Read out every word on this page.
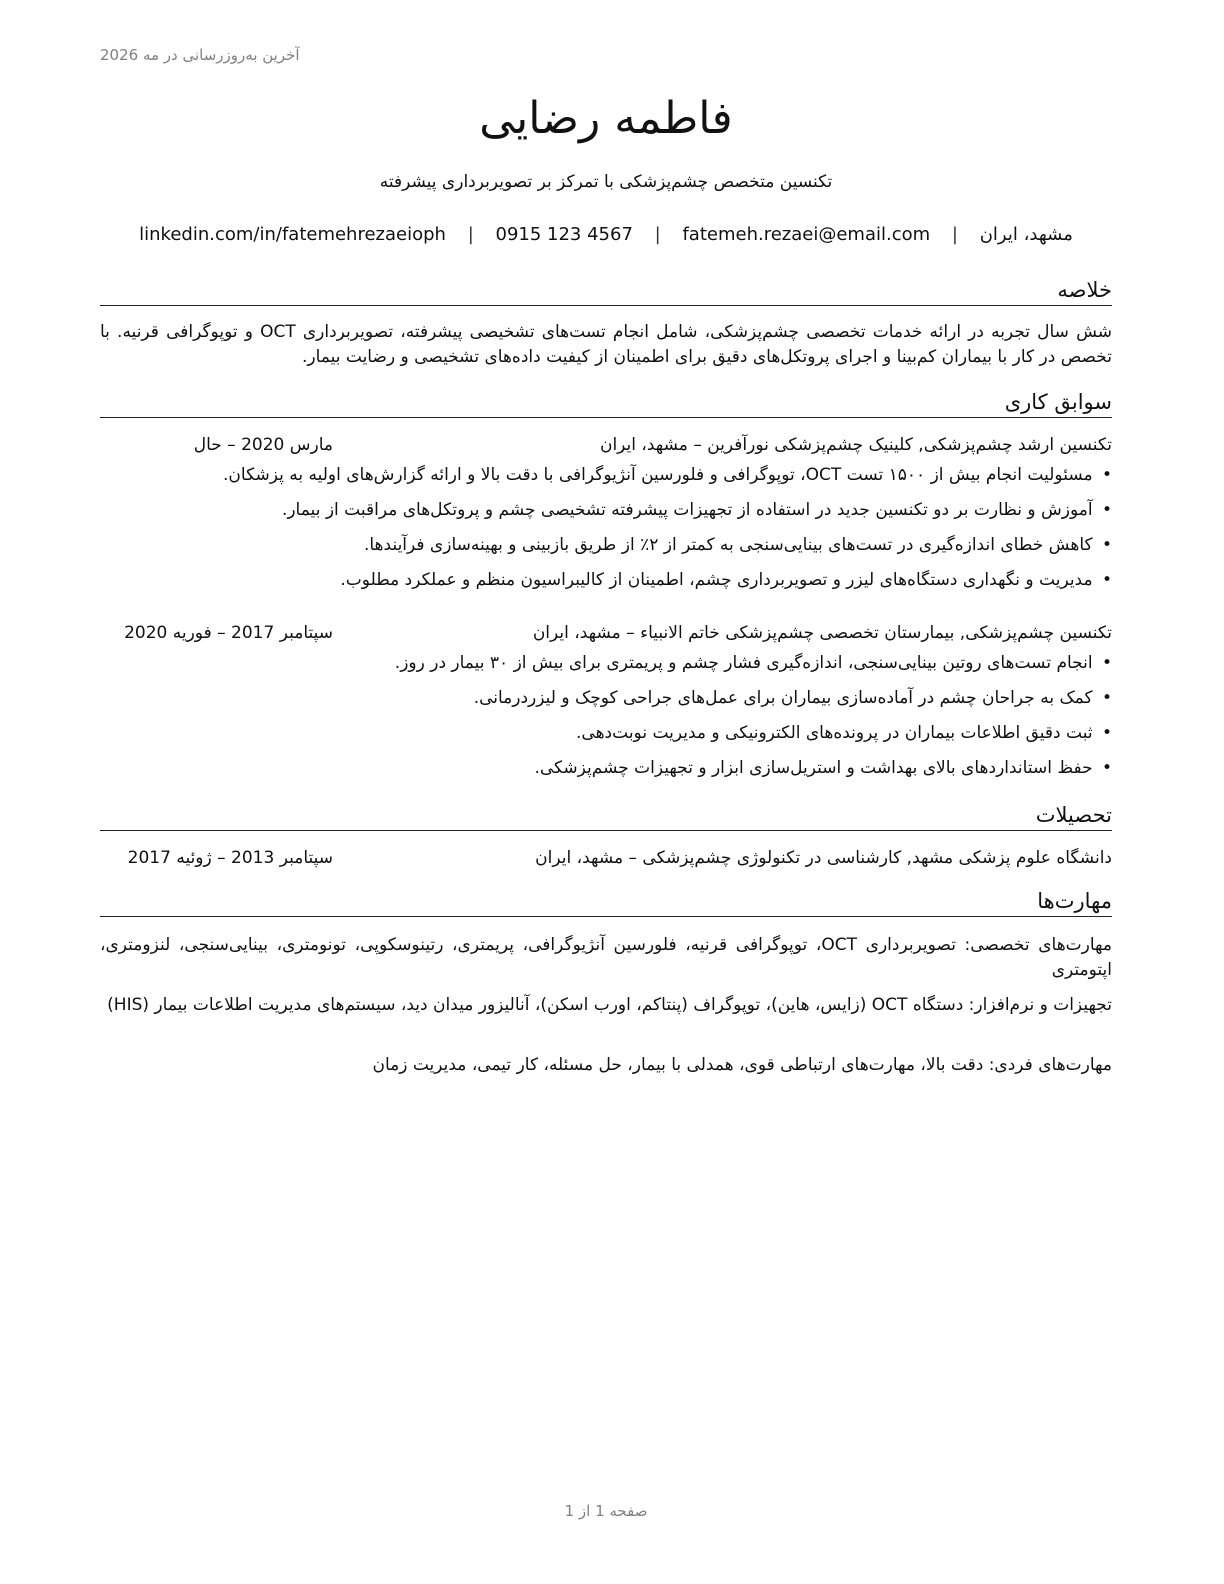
آخرین به‌روزرسانی در مه 2026
فاطمه رضایی
تکنسین متخصص چشم‌پزشکی با تمرکز بر تصویربرداری پیشرفته
مشهد، ایران | fatemeh.rezaei@email.com | 0915 123 4567 | linkedin.com/in/fatemehrezaeioph
خلاصه
شش سال تجربه در ارائه خدمات تخصصی چشم‌پزشکی، شامل انجام تست‌های تشخیصی پیشرفته، تصویربرداری OCT و توپوگرافی قرنیه. با تخصص در کار با بیماران کم‌بینا و اجرای پروتکل‌های دقیق برای اطمینان از کیفیت داده‌های تشخیصی و رضایت بیمار.
سوابق کاری
تکنسین ارشد چشم‌پزشکی, کلینیک چشم‌پزشکی نورآفرین – مشهد، ایران
مارس 2020 – حال
• مسئولیت انجام بیش از ۱۵۰۰ تست OCT، توپوگرافی و فلورسین آنژیوگرافی با دقت بالا و ارائه گزارش‌های اولیه به پزشکان.
• آموزش و نظارت بر دو تکنسین جدید در استفاده از تجهیزات پیشرفته تشخیصی چشم و پروتکل‌های مراقبت از بیمار.
• کاهش خطای اندازه‌گیری در تست‌های بینایی‌سنجی به کمتر از ۲٪ از طریق بازبینی و بهینه‌سازی فرآیندها.
• مدیریت و نگهداری دستگاه‌های لیزر و تصویربرداری چشم، اطمینان از کالیبراسیون منظم و عملکرد مطلوب.
تکنسین چشم‌پزشکی, بیمارستان تخصصی چشم‌پزشکی خاتم الانبیاء – مشهد، ایران
سپتامبر 2017 – فوریه 2020
• انجام تست‌های روتین بینایی‌سنجی، اندازه‌گیری فشار چشم و پریمتری برای بیش از ۳۰ بیمار در روز.
• کمک به جراحان چشم در آماده‌سازی بیماران برای عمل‌های جراحی کوچک و لیزردرمانی.
• ثبت دقیق اطلاعات بیماران در پرونده‌های الکترونیکی و مدیریت نوبت‌دهی.
• حفظ استانداردهای بالای بهداشت و استریل‌سازی ابزار و تجهیزات چشم‌پزشکی.
تحصیلات
دانشگاه علوم پزشکی مشهد, کارشناسی در تکنولوژی چشم‌پزشکی – مشهد، ایران
سپتامبر 2013 – ژوئیه 2017
مهارت‌ها
مهارت‌های تخصصی: تصویربرداری OCT، توپوگرافی قرنیه، فلورسین آنژیوگرافی، پریمتری، رتینوسکوپی، تونومتری، بینایی‌سنجی، لنزومتری، اپتومتری
تجهیزات و نرم‌افزار: دستگاه OCT (زایس، هاین)، توپوگراف (پنتاکم، اورب اسکن)، آنالیزور میدان دید، سیستم‌های مدیریت اطلاعات بیمار (HIS)
مهارت‌های فردی: دقت بالا، مهارت‌های ارتباطی قوی، همدلی با بیمار، حل مسئله، کار تیمی، مدیریت زمان
صفحه 1 از 1
